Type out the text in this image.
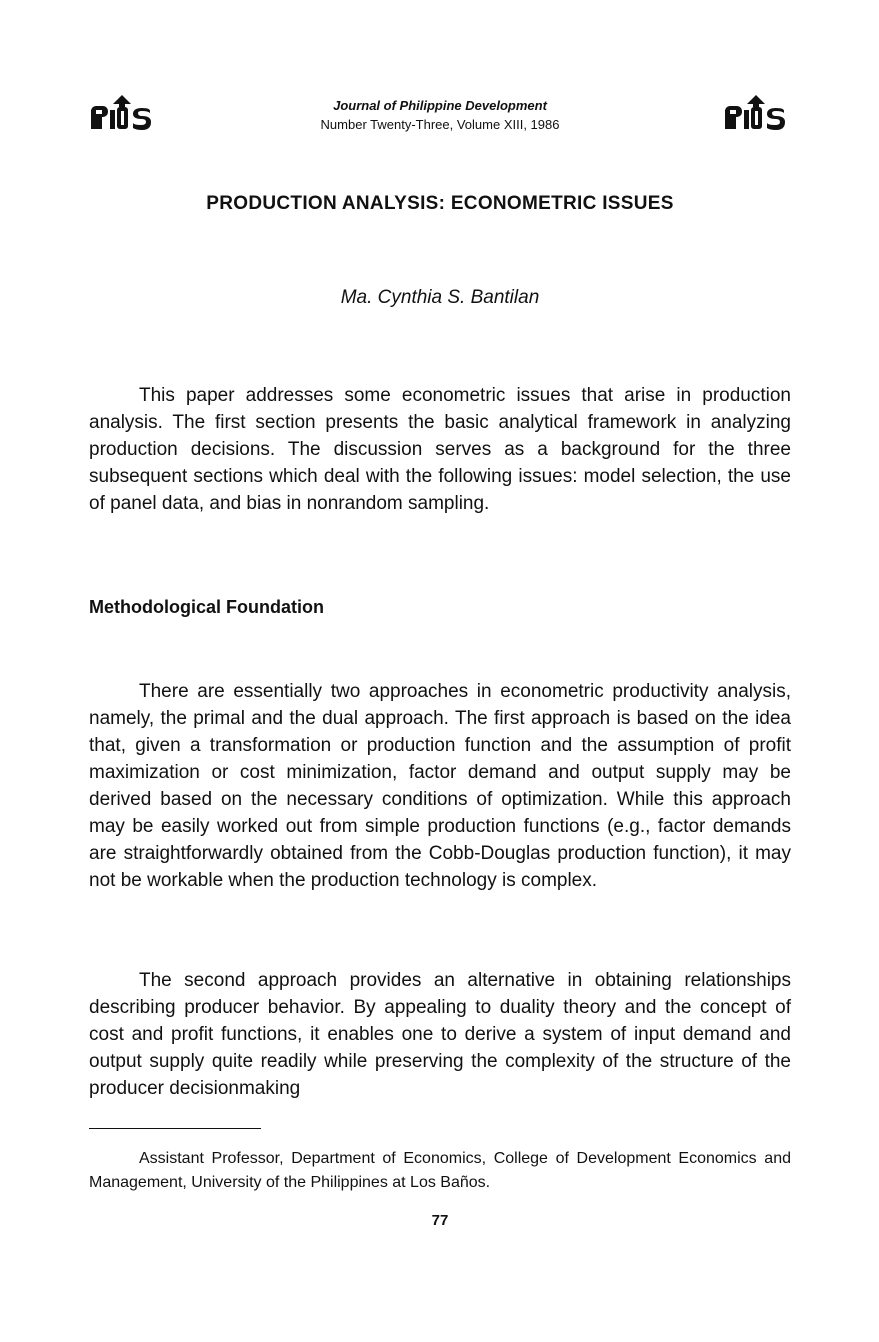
Journal of Philippine Development
Number Twenty-Three, Volume XIII, 1986
PRODUCTION ANALYSIS: ECONOMETRIC ISSUES
Ma. Cynthia S. Bantilan

This paper addresses some econometric issues that arise in production analysis. The first section presents the basic analytical framework in analyzing production decisions. The discussion serves as a background for the three subsequent sections which deal with the following issues: model selection, the use of panel data, and bias in nonrandom sampling.

Methodological Foundation

There are essentially two approaches in econometric productivity analysis, namely, the primal and the dual approach. The first approach is based on the idea that, given a transformation or production function and the assumption of profit maximization or cost minimization, factor demand and output supply may be derived based on the necessary conditions of optimization. While this approach may be easily worked out from simple production functions (e.g., factor demands are straightforwardly obtained from the Cobb-Douglas production function), it may not be workable when the production technology is complex.

The second approach provides an alternative in obtaining relationships describing producer behavior. By appealing to duality theory and the concept of cost and profit functions, it enables one to derive a system of input demand and output supply quite readily while preserving the complexity of the structure of the producer decisionmaking

Assistant Professor, Department of Economics, College of Development Economics and Management, University of the Philippines at Los Baños.

77
